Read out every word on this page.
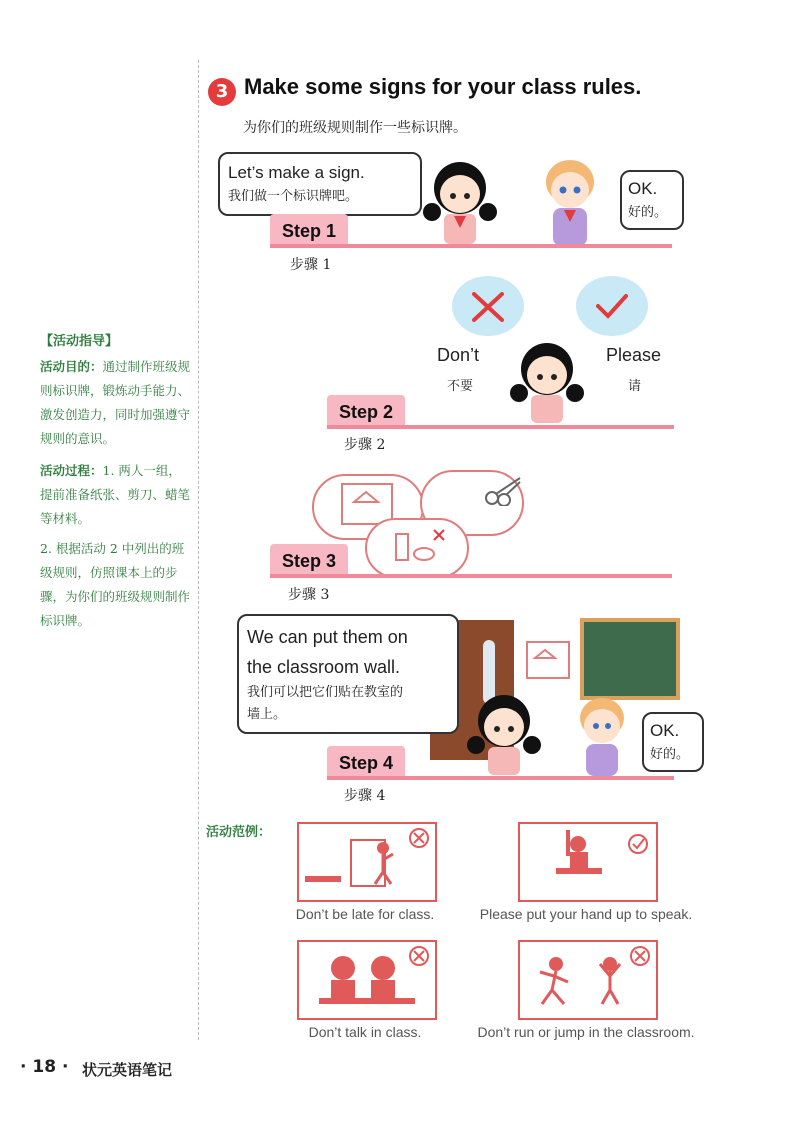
【活动指导】
活动目的：通过制作班级规则标识牌，锻炼动手能力、激发创造力，同时加强遵守规则的意识。
活动过程：1. 两人一组，提前准备纸张、剪刀、蜡笔等材料。
2. 根据活动 2 中列出的班级规则，仿照课本上的步骤，为你们的班级规则制作标识牌。
3 Make some signs for your class rules.
为你们的班级规则制作一些标识牌。
Let’s make a sign.
我们做一个标识牌吧。	OK.
好的。
Step 1
步骤 1
Don’t
不要
Please
请
Step 2
步骤 2
Step 3
步骤 3
We can put them on
the classroom wall.
我们可以把它们贴在教室的
墙上。
OK.
好的。
Step 4
步骤 4
活动范例：
Don’t be late for class.	Please put your hand up to speak.
Don’t talk in class.	Don’t run or jump in the classroom.
· 18 · 状元英语笔记
